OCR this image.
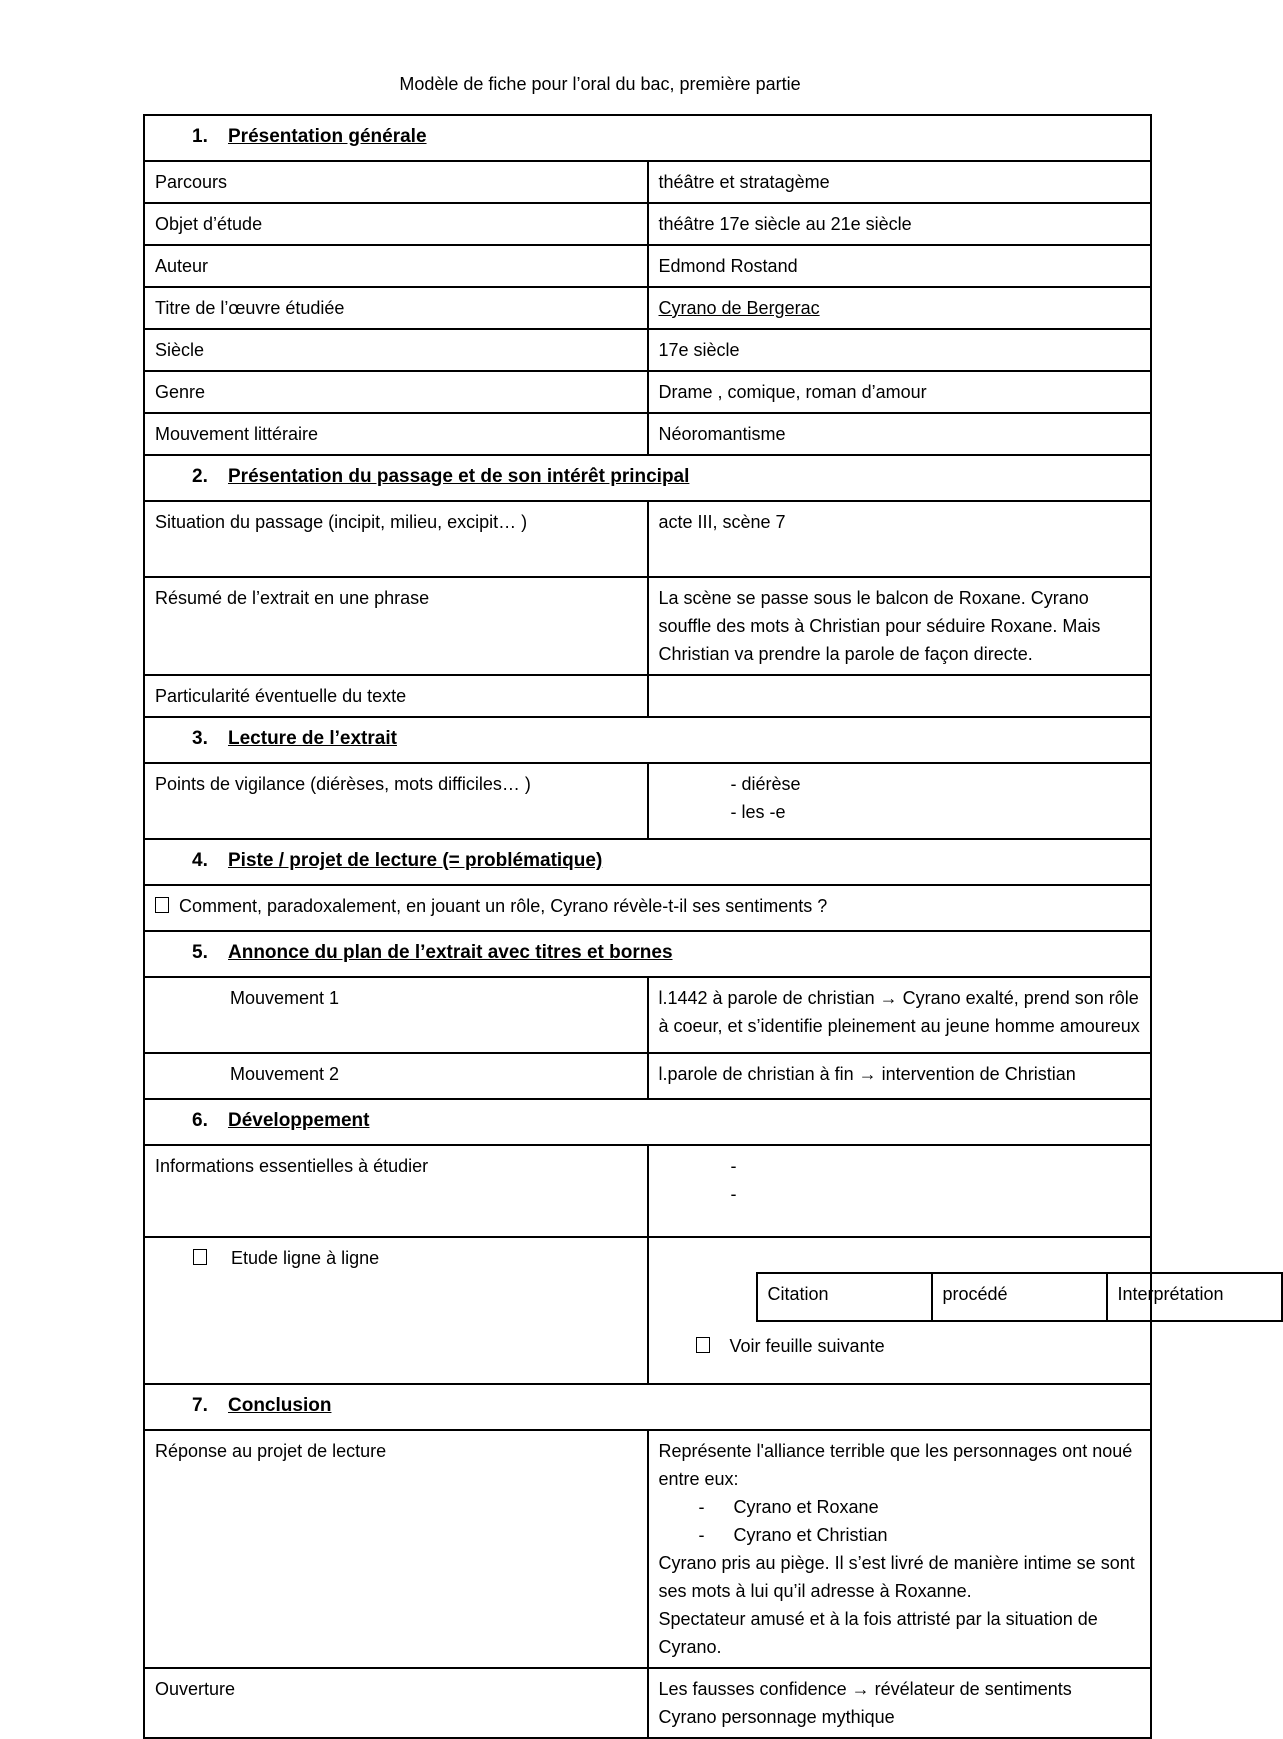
Modèle de fiche pour l’oral du bac, première partie
1. Présentation générale
Parcours	théâtre et stratagème
Objet d’étude	théâtre 17e siècle au 21e siècle
Auteur	Edmond Rostand
Titre de l’œuvre étudiée	Cyrano de Bergerac
Siècle	17e siècle
Genre	Drame , comique, roman d’amour
Mouvement littéraire	Néoromantisme
2. Présentation du passage et de son intérêt principal
Situation du passage (incipit, milieu, excipit… )	acte III, scène 7
Résumé de l’extrait en une phrase	La scène se passe sous le balcon de Roxane. Cyrano souffle des mots à Christian pour séduire Roxane. Mais Christian va prendre la parole de façon directe.
Particularité éventuelle du texte	
3. Lecture de l’extrait
Points de vigilance (diérèses, mots difficiles… )	- diérèse
- les -e

4. Piste / projet de lecture (= problématique)
Comment, paradoxalement, en jouant un rôle, Cyrano révèle-t-il ses sentiments ?
5. Annonce du plan de l’extrait avec titres et bornes
Mouvement 1	l.1442 à parole de christian → Cyrano exalté, prend son rôle à coeur, et s’identifie pleinement au jeune homme amoureux
Mouvement 2	l.parole de christian à fin → intervention de Christian
6. Développement
Informations essentielles à étudier	-
-

Etude ligne à ligne	
Citation	procédé	Interprétation
Voir feuille suivante

7. Conclusion
Réponse au projet de lecture	Représente l'alliance terrible que les personnages ont noué entre eux:
- Cyrano et Roxane
- Cyrano et Christian
Cyrano pris au piège. Il s’est livré de manière intime se sont ses mots à lui qu’il adresse à Roxanne.
Spectateur amusé et à la fois attristé par la situation de Cyrano.

Ouverture	Les fausses confidence → révélateur de sentiments
Cyrano personnage mythique
